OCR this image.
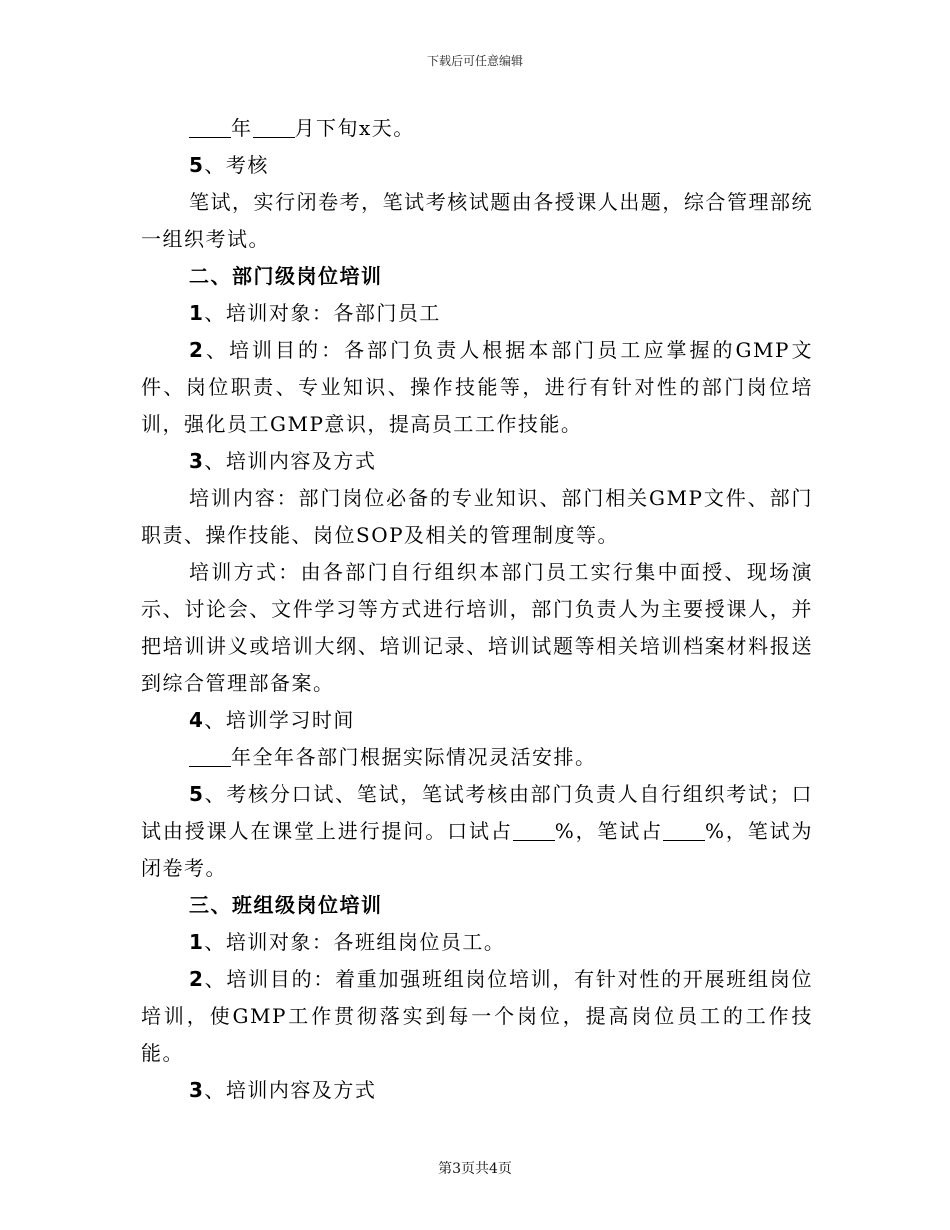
下载后可任意编辑

年 月下旬x天。

5、考核

笔试，实行闭卷考，笔试考核试题由各授课人出题，综合管理部统一组织考试。

二、部门级岗位培训

1、培训对象：各部门员工

2、培训目的：各部门负责人根据本部门员工应掌握的GMP文件、岗位职责、专业知识、操作技能等，进行有针对性的部门岗位培训，强化员工GMP意识，提高员工工作技能。

3、培训内容及方式

培训内容：部门岗位必备的专业知识、部门相关GMP文件、部门职责、操作技能、岗位SOP及相关的管理制度等。

培训方式：由各部门自行组织本部门员工实行集中面授、现场演示、讨论会、文件学习等方式进行培训，部门负责人为主要授课人，并把培训讲义或培训大纲、培训记录、培训试题等相关培训档案材料报送到综合管理部备案。

4、培训学习时间

年全年各部门根据实际情况灵活安排。

5、考核分口试、笔试，笔试考核由部门负责人自行组织考试；口试由授课人在课堂上进行提问。口试占 %，笔试占 %，笔试为闭卷考。

三、班组级岗位培训

1、培训对象：各班组岗位员工。

2、培训目的：着重加强班组岗位培训，有针对性的开展班组岗位培训，使GMP工作贯彻落实到每一个岗位，提高岗位员工的工作技能。

3、培训内容及方式

第3页共4页
